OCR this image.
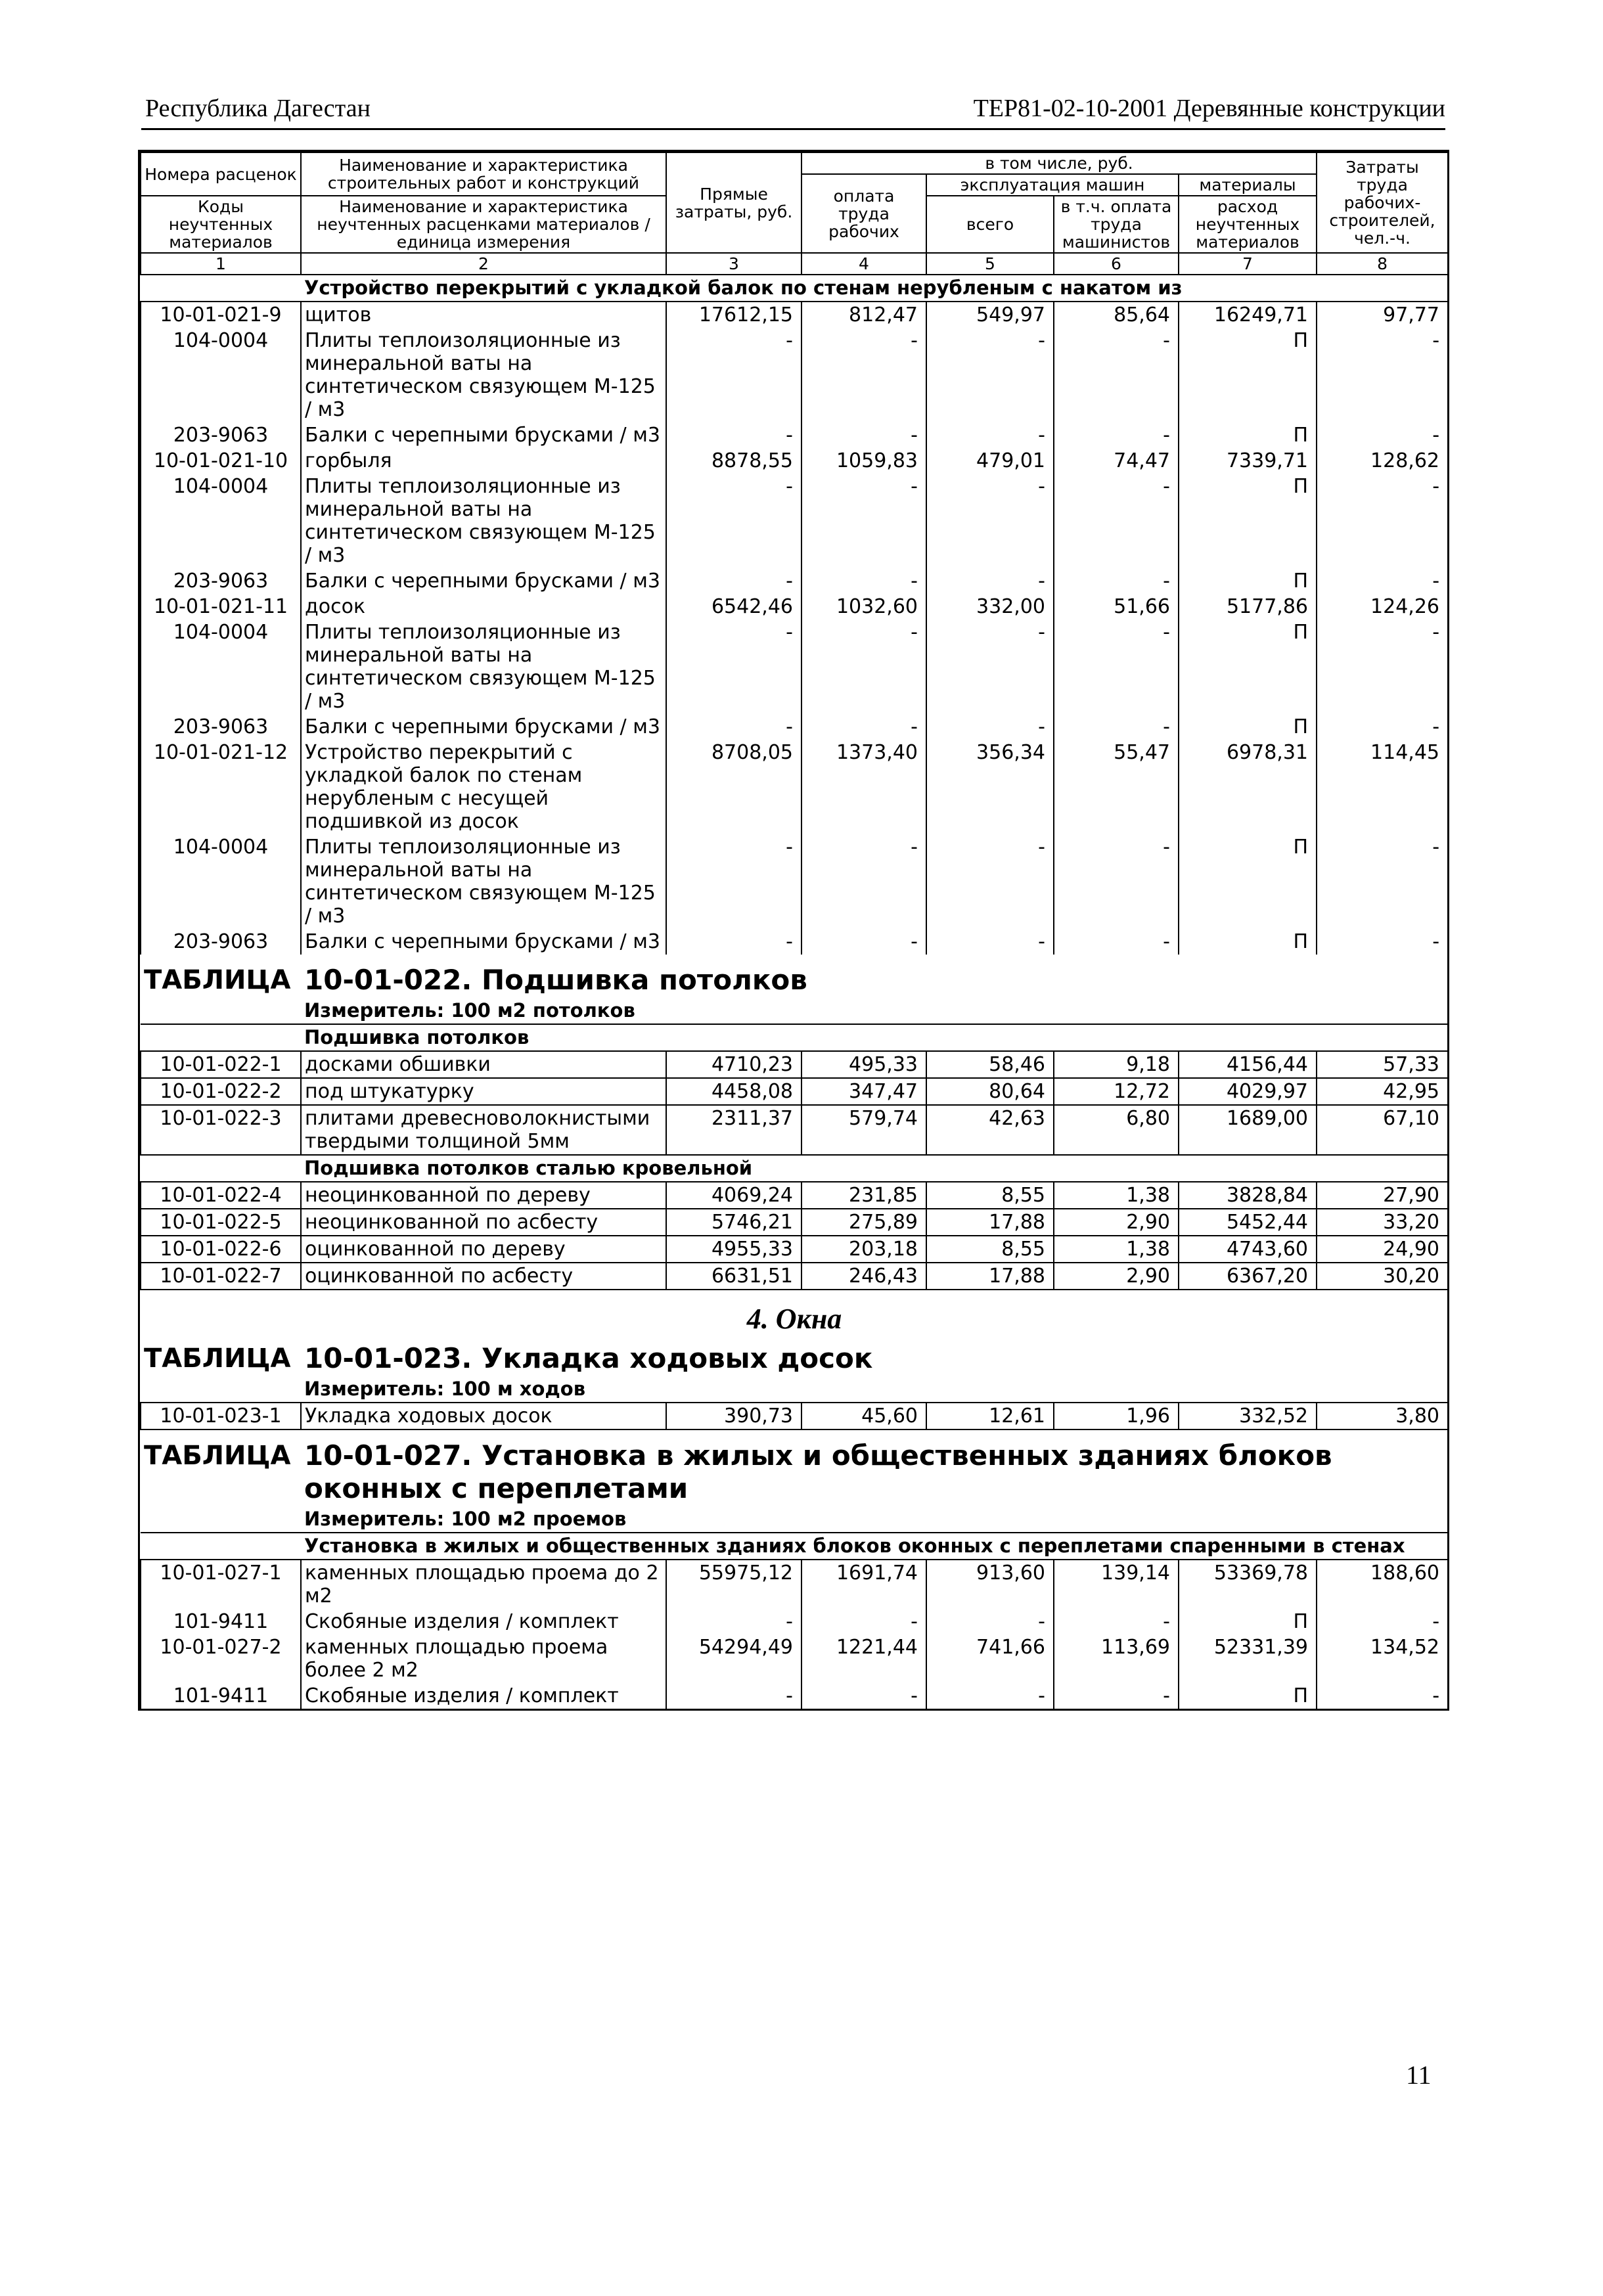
Республика Дагестан	ТЕР81-02-10-2001 Деревянные конструкции
Номера расценок	Наименование и характеристика строительных работ и конструкций	Прямые затраты, руб.	в том числе, руб.				Затраты труда рабочих-строителей, чел.-ч.
			оплата труда рабочих	эксплуатация машин		материалы	
Коды неучтенных материалов	Наименование и характеристика неучтенных расценками материалов / единица измерения			всего	в т.ч. оплата труда машинистов	расход неучтенных материалов	

1	2	3	4	5	6	7	8
	Устройство перекрытий с укладкой балок по стенам нерубленым с накатом из						
10-01-021-9	щитов	17612,15	812,47	549,97	85,64	16249,71	97,77
104-0004	Плиты теплоизоляционные из минеральной ваты на синтетическом связующем М-125 / м3	-	-	-	-	П	-
203-9063	Балки с черепными брусками / м3	-	-	-	-	П	-
10-01-021-10	горбыля	8878,55	1059,83	479,01	74,47	7339,71	128,62
104-0004	Плиты теплоизоляционные из минеральной ваты на синтетическом связующем М-125 / м3	-	-	-	-	П	-
203-9063	Балки с черепными брусками / м3	-	-	-	-	П	-
10-01-021-11	досок	6542,46	1032,60	332,00	51,66	5177,86	124,26
104-0004	Плиты теплоизоляционные из минеральной ваты на синтетическом связующем М-125 / м3	-	-	-	-	П	-
203-9063	Балки с черепными брусками / м3	-	-	-	-	П	-
10-01-021-12	Устройство перекрытий с укладкой балок по стенам нерубленым с несущей подшивкой из досок	8708,05	1373,40	356,34	55,47	6978,31	114,45
104-0004	Плиты теплоизоляционные из минеральной ваты на синтетическом связующем М-125 / м3	-	-	-	-	П	-
203-9063	Балки с черепными брусками / м3	-	-	-	-	П	-
ТАБЛИЦА	10-01-022. Подшивка потолков						
	Измеритель: 100 м2 потолков						
	Подшивка потолков						
10-01-022-1	досками обшивки	4710,23	495,33	58,46	9,18	4156,44	57,33
10-01-022-2	под штукатурку	4458,08	347,47	80,64	12,72	4029,97	42,95
10-01-022-3	плитами древесноволокнистыми твердыми толщиной 5мм	2311,37	579,74	42,63	6,80	1689,00	67,10
	Подшивка потолков сталью кровельной						
10-01-022-4	неоцинкованной по дереву	4069,24	231,85	8,55	1,38	3828,84	27,90
10-01-022-5	неоцинкованной по асбесту	5746,21	275,89	17,88	2,90	5452,44	33,20
10-01-022-6	оцинкованной по дереву	4955,33	203,18	8,55	1,38	4743,60	24,90
10-01-022-7	оцинкованной по асбесту	6631,51	246,43	17,88	2,90	6367,20	30,20
4. Окна							
ТАБЛИЦА	10-01-023. Укладка ходовых досок						
	Измеритель: 100 м ходов						
10-01-023-1	Укладка ходовых досок	390,73	45,60	12,61	1,96	332,52	3,80
ТАБЛИЦА	10-01-027. Установка в жилых и общественных зданиях блоков оконных с переплетами						
	Измеритель: 100 м2 проемов						
	Установка в жилых и общественных зданиях блоков оконных с переплетами спаренными в стенах						
10-01-027-1	каменных площадью проема до 2 м2	55975,12	1691,74	913,60	139,14	53369,78	188,60
101-9411	Скобяные изделия / комплект	-	-	-	-	П	-
10-01-027-2	каменных площадью проема более 2 м2	54294,49	1221,44	741,66	113,69	52331,39	134,52
101-9411	Скобяные изделия / комплект	-	-	-	-	П	-
11
